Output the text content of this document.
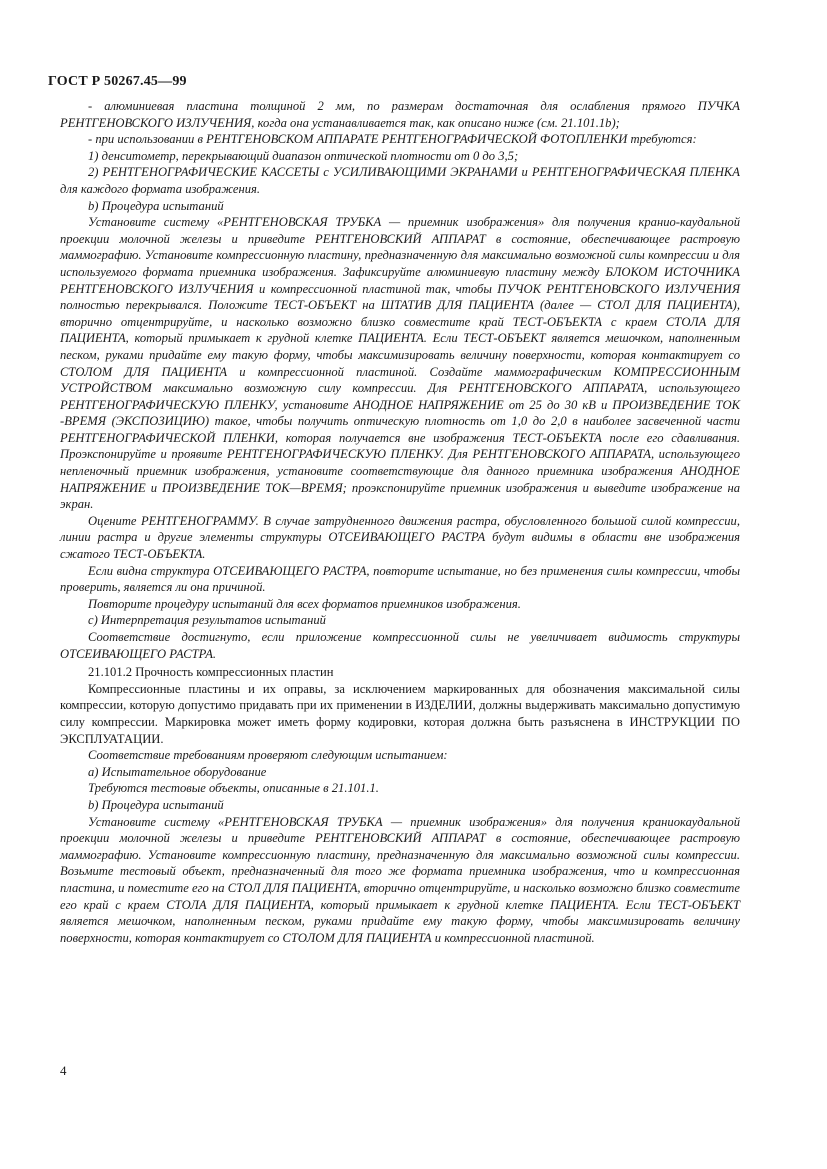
ГОСТ Р 50267.45—99

- алюминиевая пластина толщиной 2 мм, по размерам достаточная для ослабления прямого ПУЧКА РЕНТГЕНОВСКОГО ИЗЛУЧЕНИЯ, когда она устанавливается так, как описано ниже (см. 21.101.1b);

- при использовании в РЕНТГЕНОВСКОМ АППАРАТЕ РЕНТГЕНОГРАФИЧЕСКОЙ ФОТОПЛЕНКИ требуются:

1) денситометр, перекрывающий диапазон оптической плотности от 0 до 3,5;

2) РЕНТГЕНОГРАФИЧЕСКИЕ КАССЕТЫ с УСИЛИВАЮЩИМИ ЭКРАНАМИ и РЕНТГЕНОГРАФИЧЕСКАЯ ПЛЕНКА для каждого формата изображения.

b) Процедура испытаний

Установите систему «РЕНТГЕНОВСКАЯ ТРУБКА — приемник изображения» для получения кранио-каудальной проекции молочной железы и приведите РЕНТГЕНОВСКИЙ АППАРАТ в состояние, обеспечивающее растровую маммографию. Установите компрессионную пластину, предназначенную для максимально возможной силы компрессии и для используемого формата приемника изображения. Зафиксируйте алюминиевую пластину между БЛОКОМ ИСТОЧНИКА РЕНТГЕНОВСКОГО ИЗЛУЧЕНИЯ и компрессионной пластиной так, чтобы ПУЧОК РЕНТГЕНОВСКОГО ИЗЛУЧЕНИЯ полностью перекрывался. Положите ТЕСТ-ОБЪЕКТ на ШТАТИВ ДЛЯ ПАЦИЕНТА (далее — СТОЛ ДЛЯ ПАЦИЕНТА), вторично отцентрируйте, и насколько возможно близко совместите край ТЕСТ-ОБЪЕКТА с краем СТОЛА ДЛЯ ПАЦИЕНТА, который примыкает к грудной клетке ПАЦИЕНТА. Если ТЕСТ-ОБЪЕКТ является мешочком, наполненным песком, руками придайте ему такую форму, чтобы максимизировать величину поверхности, которая контактирует со СТОЛОМ ДЛЯ ПАЦИЕНТА и компрессионной пластиной. Создайте маммографическим КОМПРЕССИОННЫМ УСТРОЙСТВОМ максимально возможную силу компрессии. Для РЕНТГЕНОВСКОГО АППАРАТА, использующего РЕНТГЕНОГРАФИЧЕСКУЮ ПЛЕНКУ, установите АНОДНОЕ НАПРЯЖЕНИЕ от 25 до 30 кВ и ПРОИЗВЕДЕНИЕ ТОК -ВРЕМЯ (ЭКСПОЗИЦИЮ) такое, чтобы получить оптическую плотность от 1,0 до 2,0 в наиболее засвеченной части РЕНТГЕНОГРАФИЧЕСКОЙ ПЛЕНКИ, которая получается вне изображения ТЕСТ-ОБЪЕКТА после его сдавливания. Проэкспонируйте и проявите РЕНТГЕНОГРАФИЧЕСКУЮ ПЛЕНКУ. Для РЕНТГЕНОВСКОГО АППАРАТА, использующего непленочный приемник изображения, установите соответствующие для данного приемника изображения АНОДНОЕ НАПРЯЖЕНИЕ и ПРОИЗВЕДЕНИЕ ТОК—ВРЕМЯ; проэкспонируйте приемник изображения и выведите изображение на экран.

Оцените РЕНТГЕНОГРАММУ. В случае затрудненного движения растра, обусловленного большой силой компрессии, линии растра и другие элементы структуры ОТСЕИВАЮЩЕГО РАСТРА будут видимы в области вне изображения сжатого ТЕСТ-ОБЪЕКТА.

Если видна структура ОТСЕИВАЮЩЕГО РАСТРА, повторите испытание, но без применения силы компрессии, чтобы проверить, является ли она причиной.

Повторите процедуру испытаний для всех форматов приемников изображения.

c) Интерпретация результатов испытаний

Соответствие достигнуто, если приложение компрессионной силы не увеличивает видимость структуры ОТСЕИВАЮЩЕГО РАСТРА.

21.101.2 Прочность компрессионных пластин

Компрессионные пластины и их оправы, за исключением маркированных для обозначения максимальной силы компрессии, которую допустимо придавать при их применении в ИЗДЕЛИИ, должны выдерживать максимально допустимую силу компрессии. Маркировка может иметь форму кодировки, которая должна быть разъяснена в ИНСТРУКЦИИ ПО ЭКСПЛУАТАЦИИ.

Соответствие требованиям проверяют следующим испытанием:

a) Испытательное оборудование

Требуются тестовые объекты, описанные в 21.101.1.

b) Процедура испытаний

Установите систему «РЕНТГЕНОВСКАЯ ТРУБКА — приемник изображения» для получения краниокаудальной проекции молочной железы и приведите РЕНТГЕНОВСКИЙ АППАРАТ в состояние, обеспечивающее растровую маммографию. Установите компрессионную пластину, предназначенную для максимально возможной силы компрессии. Возьмите тестовый объект, предназначенный для того же формата приемника изображения, что и компрессионная пластина, и поместите его на СТОЛ ДЛЯ ПАЦИЕНТА, вторично отцентрируйте, и насколько возможно близко совместите его край с краем СТОЛА ДЛЯ ПАЦИЕНТА, который примыкает к грудной клетке ПАЦИЕНТА. Если ТЕСТ-ОБЪЕКТ является мешочком, наполненным песком, руками придайте ему такую форму, чтобы максимизировать величину поверхности, которая контактирует со СТОЛОМ ДЛЯ ПАЦИЕНТА и компрессионной пластиной.

4
